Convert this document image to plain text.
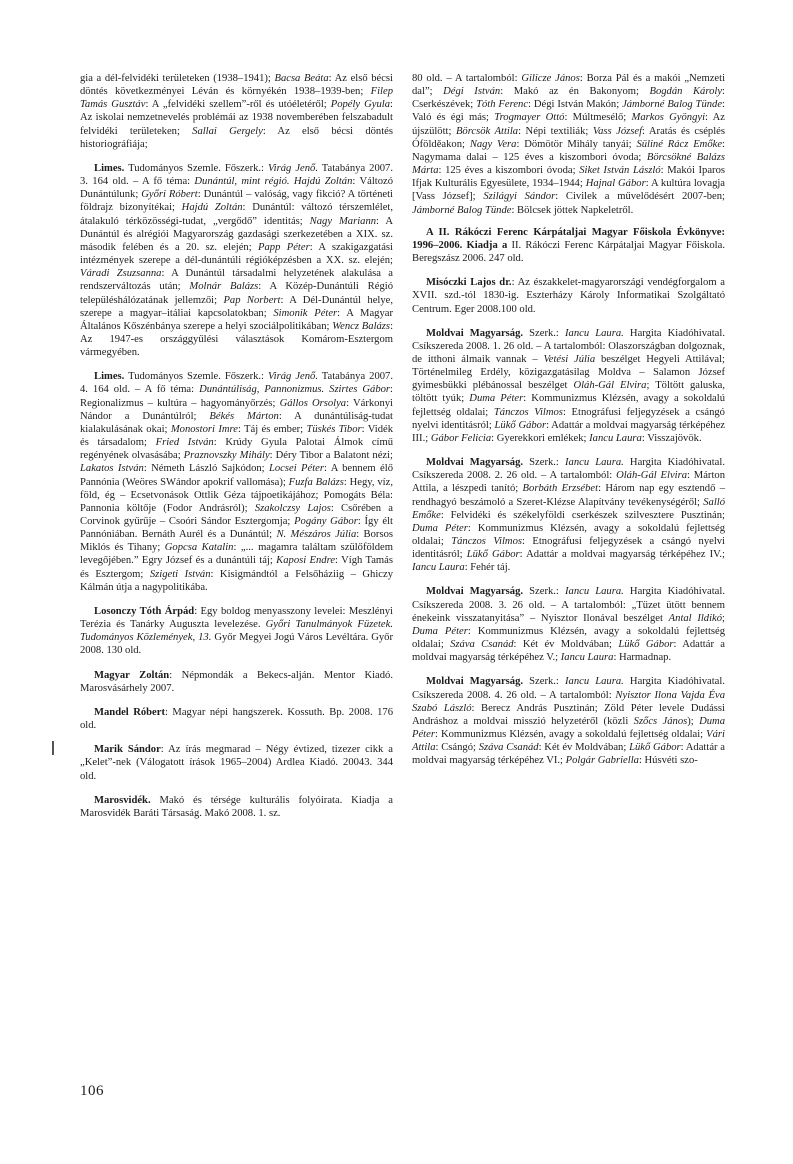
gia a dél-felvidéki területeken (1938–1941); Bacsa Beáta: Az első bécsi döntés következményei Léván és környékén 1938–1939-ben; Filep Tamás Gusztáv: A „felvidéki szellem”-ről és utóéletéről; Popély Gyula: Az iskolai nemzetnevelés problémái az 1938 novemberében felszabadult felvidéki területeken; Sallai Gergely: Az első bécsi döntés historiográfiája;

Limes. Tudományos Szemle. Főszerk.: Virág Jenő. Tatabánya 2007. 3. 164 old. – A fő téma: Dunántúl, mint régió. Hajdú Zoltán: Változó Dunántúlunk; Győri Róbert: Dunántúl – valóság, vagy fikció? A történeti földrajz bizonyítékai; Hajdú Zoltán: Dunántúl: változó térszemlélet, átalakuló térközösségi-tudat, „vergődő” identitás; Nagy Mariann: A Dunántúl és alrégiói Magyarország gazdasági szerkezetében a XIX. sz. második felében és a 20. sz. elején; Papp Péter: A szakigazgatási intézmények szerepe a dél-dunántúli régióképzésben a XX. sz. elején; Váradi Zsuzsanna: A Dunántúl társadalmi helyzetének alakulása a rendszerváltozás után; Molnár Balázs: A Közép-Dunántúli Régió településhálózatának jellemzői; Pap Norbert: A Dél-Dunántúl helye, szerepe a magyar–itáliai kapcsolatokban; Simonik Péter: A Magyar Általános Kőszénbánya szerepe a helyi szociálpolitikában; Wencz Balázs: Az 1947-es országgyűlési választások Komárom-Esztergom vármegyében.

Limes. Tudományos Szemle. Főszerk.: Virág Jenő. Tatabánya 2007. 4. 164 old. – A fő téma: Dunántúliság, Pannonizmus. Szirtes Gábor: Regionalizmus – kultúra – hagyományőrzés; Gállos Orsolya: Várkonyi Nándor a Dunántúlról; Békés Márton: A dunántúliság-tudat kialakulásának okai; Monostori Imre: Táj és ember; Tüskés Tibor: Vidék és társadalom; Fried István: Krúdy Gyula Palotai Álmok című regényének olvasásába; Praznovszky Mihály: Déry Tibor a Balatont nézi; Lakatos István: Németh László Sajkódon; Locsei Péter: A bennem élő Pannónia (Weöres SWándor apokrif vallomása); Fuzfa Balázs: Hegy, víz, föld, ég – Ecsetvonások Ottlik Géza tájpoetikájához; Pomogáts Béla: Pannonia költője (Fodor Andrásról); Szakolczsy Lajos: Csőrében a Corvinok gyűrűje – Csoóri Sándor Esztergomja; Pogány Gábor: Így élt Pannóniában. Bernáth Aurél és a Dunántúl; N. Mészáros Júlia: Borsos Miklós és Tihany; Gopcsa Katalin: „... magamra találtam szülőföldem levegőjében.” Egry József és a dunántúli táj; Kaposi Endre: Vígh Tamás és Esztergom; Szigeti István: Kisigmándtól a Felsőháziig – Ghiczy Kálmán útja a nagypolitikába.

Losonczy Tóth Árpád: Egy boldog menyasszony levelei: Meszlényi Terézia és Tanárky Auguszta levelezése. Győri Tanulmányok Füzetek. Tudományos Közlemények, 13. Győr Megyei Jogú Város Levéltára. Győr 2008. 130 old.

Magyar Zoltán: Népmondák a Bekecs-alján. Mentor Kiadó. Marosvásárhely 2007.

Mandel Róbert: Magyar népi hangszerek. Kossuth. Bp. 2008. 176 old.

Marik Sándor: Az írás megmarad – Négy évtized, tizezer cikk a „Kelet”-nek (Válogatott írások 1965–2004) Ardlea Kiadó. 20043. 344 old.

Marosvidék. Makó és térsége kulturális folyóirata. Kiadja a Marosvidék Baráti Társaság. Makó 2008. 1. sz.

80 old. – A tartalomból: Gilicze János: Borza Pál és a makói „Nemzeti dal”; Dégi István: Makó az én Bakonyom; Bogdán Károly: Cserkészévek; Tóth Ferenc: Dégi István Makón; Jámborné Balog Tünde: Való és égi más; Trogmayer Ottó: Múltmesélő; Markos Gyöngyi: Az újszülött; Börcsök Attila: Népi textiliák; Vass József: Aratás és cséplés Ófölděakon; Nagy Vera: Dömötör Mihály tanyái; Süliné Rácz Emőke: Nagymama dalai – 125 éves a kiszombori óvoda; Börcsökné Balázs Márta: 125 éves a kiszombori óvoda; Siket István László: Makói Iparos Ifjak Kulturális Egyesülete, 1934–1944; Hajnal Gábor: A kultúra lovagja [Vass József]; Szilágyi Sándor: Civilek a művelődésért 2007-ben; Jámborné Balog Tünde: Bölcsek jöttek Napkeletről.

A II. Rákóczi Ferenc Kárpátaljai Magyar Főiskola Évkönyve: 1996–2006. Kiadja a II. Rákóczi Ferenc Kárpátaljai Magyar Főiskola. Beregszász 2006. 247 old.

Misóczki Lajos dr.: Az északkelet-magyarországi vendégforgalom a XVII. szd.-tól 1830-ig. Eszterházy Károly Informatikai Szolgáltató Centrum. Eger 2008.100 old.

Moldvai Magyarság. Szerk.: Iancu Laura. Hargita Kiadóhivatal. Csíkszereda 2008. 1. 26 old. – A tartalomból: Olaszországban dolgoznak, de itthoni álmaik vannak – Vetési Júlia beszélget Hegyeli Attilával; Történelmileg Erdély, közigazgatásilag Moldva – Salamon József gyimesbükki plébánossal beszélget Oláh-Gál Elvira; Töltött galuska, töltött tyúk; Duma Péter: Kommunizmus Klézsén, avagy a sokoldalú fejlettség oldalai; Tánczos Vilmos: Etnográfusi feljegyzések a csángó nyelvi identitásról; Lükő Gábor: Adattár a moldvai magyarság térképéhez III.; Gábor Felicia: Gyerekkori emlékek; Iancu Laura: Visszajövök.

Moldvai Magyarság. Szerk.: Iancu Laura. Hargita Kiadóhivatal. Csíkszereda 2008. 2. 26 old. – A tartalomból: Oláh-Gál Elvira: Márton Attila, a lészpedi tanító; Borbáth Erzsébet: Három nap egy esztendő – rendhagyó beszámoló a Szeret-Klézse Alapítvány tevékenységéről; Salló Emőke: Felvidéki és székelyföldi cserkészek szilvesztere Pusztinán; Duma Péter: Kommunizmus Klézsén, avagy a sokoldalú fejlettség oldalai; Tánczos Vilmos: Etnográfusi feljegyzések a csángó nyelvi identitásról; Lükő Gábor: Adattár a moldvai magyarság térképéhez IV.; Iancu Laura: Fehér táj.

Moldvai Magyarság. Szerk.: Iancu Laura. Hargita Kiadóhivatal. Csíkszereda 2008. 3. 26 old. – A tartalomból: „Tüzet ütött bennem énekeink visszatanyitása” – Nyisztor Ilonával beszélget Antal Ildikó; Duma Péter: Kommunizmus Klézsén, avagy a sokoldalú fejlettség oldalai; Száva Csanád: Két év Moldvában; Lükő Gábor: Adattár a moldvai magyarság térképéhez V.; Iancu Laura: Harmadnap.

Moldvai Magyarság. Szerk.: Iancu Laura. Hargita Kiadóhivatal. Csíkszereda 2008. 4. 26 old. – A tartalomból: Nyisztor Ilona Vajda Éva Szabó László: Berecz András Pusztinán; Zöld Péter levele Dudássi Andráshoz a moldvai misszió helyzetéről (közli Szőcs János); Duma Péter: Kommunizmus Klézsén, avagy a sokoldalú fejlettség oldalai; Vári Attila: Csángó; Száva Csanád: Két év Moldvában; Lükő Gábor: Adattár a moldvai magyarság térképéhez VI.; Polgár Gabriella: Húsvéti szo-

106
